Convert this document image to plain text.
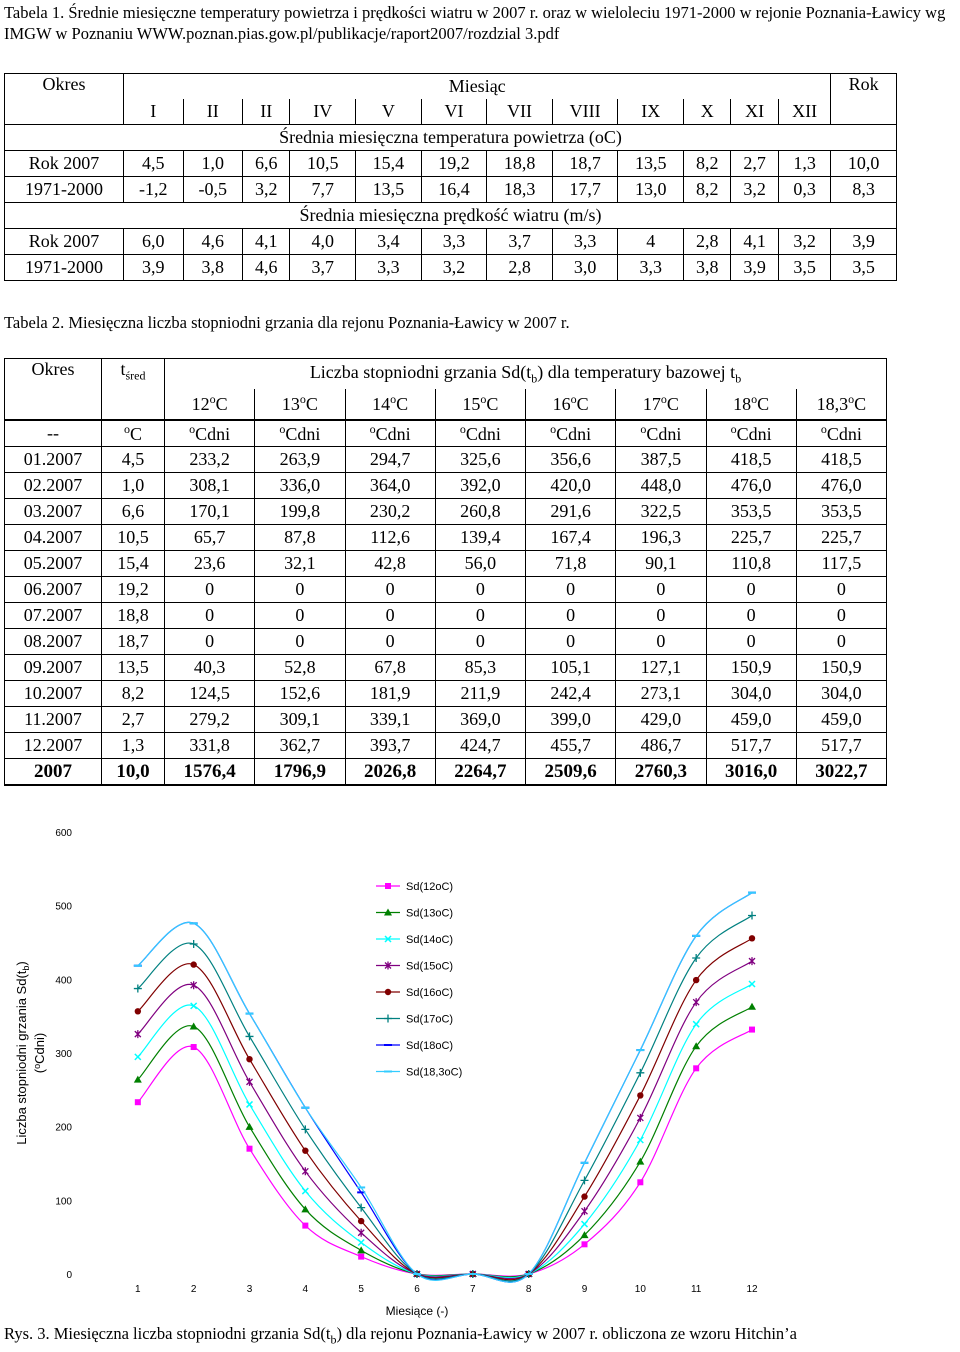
Tabela 1. Średnie miesięczne temperatury powietrza i prędkości wiatru w 2007 r. oraz w wieloleciu 1971-2000 w rejonie Poznania-Ławicy wg IMGW w Poznaniu WWW.poznan.pias.gow.pl/publikacje/raport2007/rozdzial 3.pdf
Okres	Miesiąc												Rok
	I	II	II	IV	V	VI	VII	VIII	IX	X	XI	XII	
Średnia miesięczna temperatura powietrza (oC)													
Rok 2007	4,5	1,0	6,6	10,5	15,4	19,2	18,8	18,7	13,5	8,2	2,7	1,3	10,0
1971-2000	-1,2	-0,5	3,2	7,7	13,5	16,4	18,3	17,7	13,0	8,2	3,2	0,3	8,3
Średnia miesięczna prędkość wiatru (m/s)													
Rok 2007	6,0	4,6	4,1	4,0	3,4	3,3	3,7	3,3	4	2,8	4,1	3,2	3,9
1971-2000	3,9	3,8	4,6	3,7	3,3	3,2	2,8	3,0	3,3	3,8	3,9	3,5	3,5
Tabela 2. Miesięczna liczba stopniodni grzania dla rejonu Poznania-Ławicy w 2007 r.
Okres	$t_{śred}$	Liczba stopniodni grzania $Sd(t_b)$ dla temperatury bazowej $t_b$
		12$^o$C	13$^o$C	14$^o$C	15$^o$C	16$^o$C	17$^o$C	18$^o$C	18,3$^o$C
--	$^o$C	$^o$Cdni	$^o$Cdni	$^o$Cdni	$^o$Cdni	$^o$Cdni	$^o$Cdni	$^o$Cdni	$^o$Cdni
01.2007	4,5	233,2	263,9	294,7	325,6	356,6	387,5	418,5	418,5
02.2007	1,0	308,1	336,0	364,0	392,0	420,0	448,0	476,0	476,0
03.2007	6,6	170,1	199,8	230,2	260,8	291,6	322,5	353,5	353,5
04.2007	10,5	65,7	87,8	112,6	139,4	167,4	196,3	225,7	225,7
05.2007	15,4	23,6	32,1	42,8	56,0	71,8	90,1	110,8	117,5
06.2007	19,2	0	0	0	0	0	0	0	0
07.2007	18,8	0	0	0	0	0	0	0	0
08.2007	18,7	0	0	0	0	0	0	0	0
09.2007	13,5	40,3	52,8	67,8	85,3	105,1	127,1	150,9	150,9
10.2007	8,2	124,5	152,6	181,9	211,9	242,4	273,1	304,0	304,0
11.2007	2,7	279,2	309,1	339,1	369,0	399,0	429,0	459,0	459,0
12.2007	1,3	331,8	362,7	393,7	424,7	455,7	486,7	517,7	517,7
2007	10,0	1576,4	1796,9	2026,8	2264,7	2509,6	2760,3	3016,0	3022,7
0
100
200
300
400
500
600
1	2	3	4	5	6	7	8	9	10	11	12
Miesiące (-)
Liczba stopniodni grzania $Sd(t_b)$
($^o$Cdni)
Sd(12oC)
Sd(13oC)
Sd(14oC)
Sd(15oC)
Sd(16oC)
Sd(17oC)
Sd(18oC)
Sd(18,3oC)
Rys. 3. Miesięczna liczba stopniodni grzania $Sd(t_b)$ dla rejonu Poznania-Ławicy w 2007 r. obliczona ze wzoru Hitchin’a
